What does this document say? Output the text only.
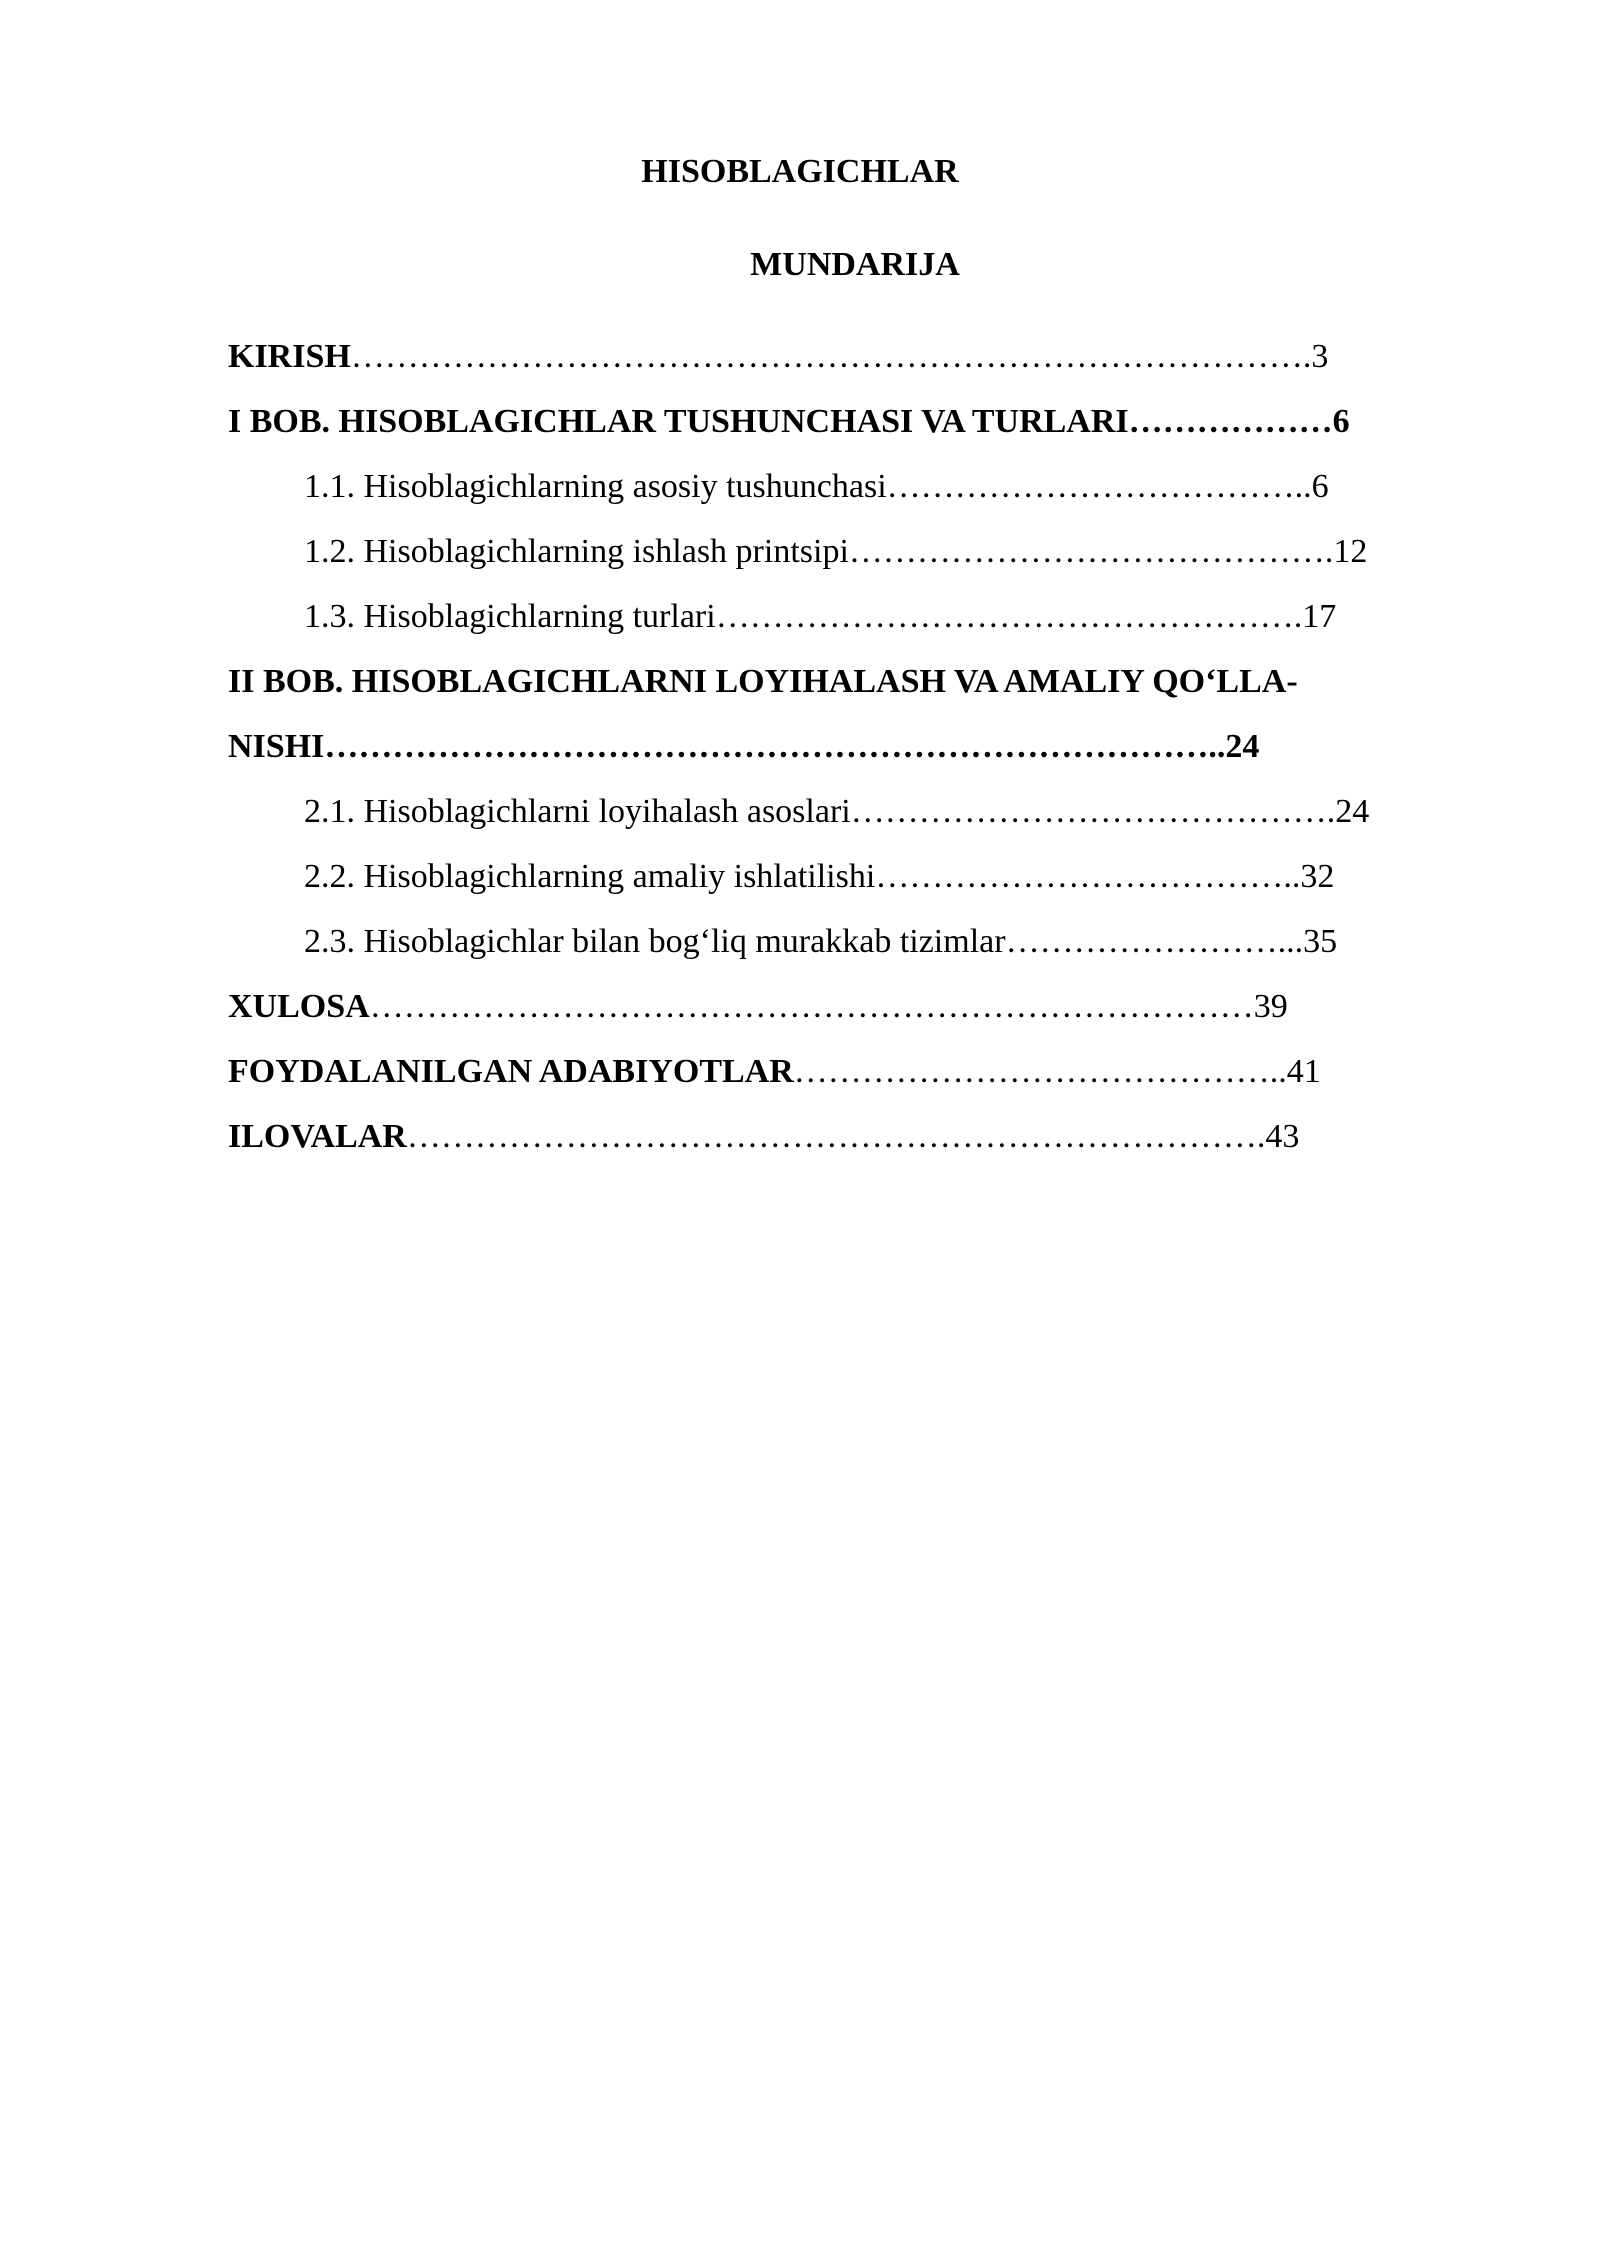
HISOBLAGICHLAR
MUNDARIJA
KIRISH………………………………………………………………………….3
I BOB. HISOBLAGICHLAR TUSHUNCHASI VA TURLARI………………6
1.1. Hisoblagichlarning asosiy tushunchasi………………………………..6
1.2. Hisoblagichlarning ishlash printsipi…………………………………….12
1.3. Hisoblagichlarning turlari…………………………………………….17
II BOB. HISOBLAGICHLARNI LOYIHALASH VA AMALIY QO‘LLA-
NISHI……………………………………………………………………..24
2.1. Hisoblagichlarni loyihalash asoslari…………………………………….24
2.2. Hisoblagichlarning amaliy ishlatilishi………………………………..32
2.3. Hisoblagichlar bilan bog‘liq murakkab tizimlar……………………...35
XULOSA……………………………………………………………………39
FOYDALANILGAN ADABIYOTLAR……………………………………..41
ILOVALAR………………………………………………………………….43
